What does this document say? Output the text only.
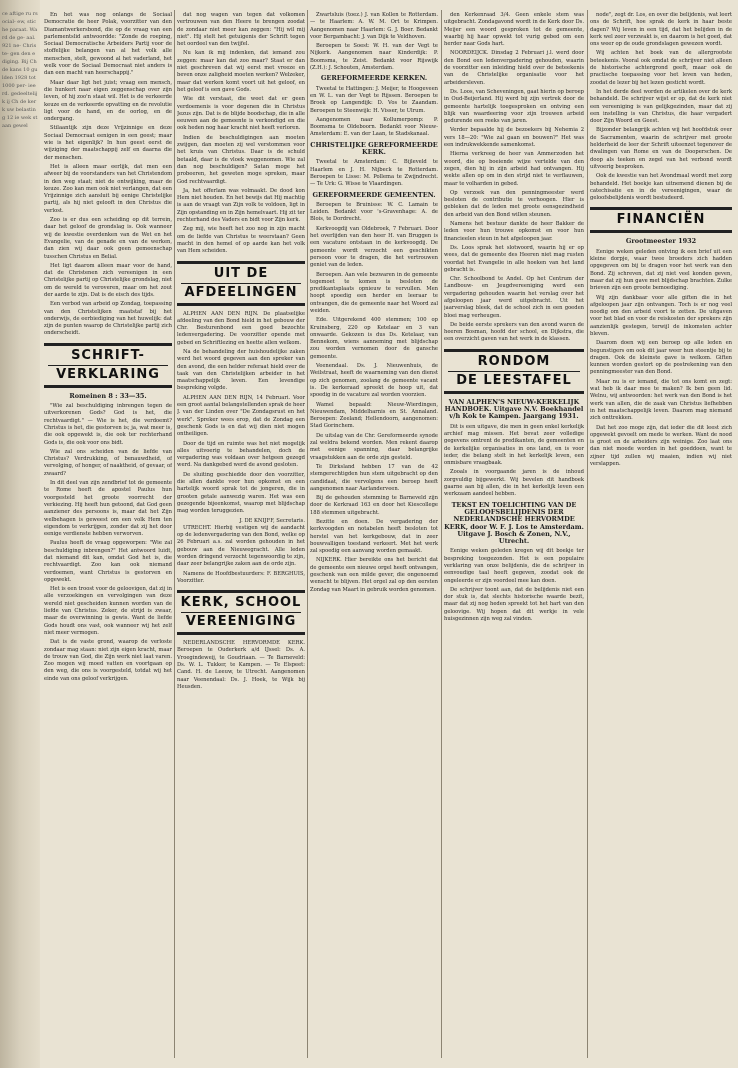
ce aftige ru rsocial- ew, stiche paraat. Ward de ge- aal. 921 ne- Christe- gen den ediging. Bij Ch de kans 10 gulden 1928 tot 1000 per- ieerd. gedeeltelijk ij Ch de kerk uw belasting 12 ie wek staan gewel

En het was nog onlangs de Sociaal Democratie de heer Polak, voorzitter van den Diamantwerkersbond, die op de vraag van een parlementslid antwoordde: "Zonde de roeping, Sociaal Democratische Arbeiders Partij voor de stoffelijke belangen van al het volk alle menschen, stelt, gewoond al het vaderland, het welk voor de Sociaal Democraat niet anders is dan een macht van heerschappij."

Maar daar ligt het juist; vraag een mensch, die hunkert naar eigen zeggenschap over zijn leven, of hij zoo'n staat wil. Het is de verkeerde keuze en de verkeerde opvatting en de revolutie ligt voor de hand, en de oorlog, en de ondergang.

Stilaantijk zijn deze Vrijzinnige en deze Sociaal Democraat eenigen in een geest; maar wie is het eigenlijk? In hun geest eerst de wijziging der maatschappij zelf en daarna die der menschen.

Het is alleen maar eerlijk, dat men een afweer bij de voorstanders van het Christendom in den weg staat; niet de ontwijking, maar de keuze. Zoo kan men ook niet verlangen, dat een Vrijzinnige zich aansluit bij eenige Christelijke partij, als hij niet gelooft in den Christus die verlost.

Zoo is er dus een scheiding op dit terrein, daar het geloof de grondslag is. Ook wanneer wij de kwestie overdenken van de Wet en het Evangelie, van de genade en van de werken, dan zien wij daar ook geen gemeenschap tusschen Christus en Belial.

Het ligt daarom alleen maar voor de hand, dat de Christenen zich vereenigen in een Christelijke partij op Christelijke grondslag, niet om de wereld te veroveren, maar om het zout der aarde te zijn. Dat is de eisch des tijds.

Een verbod van arbeid op Zondag, toepassing van den Christelijken maatstaf bij het onderwijs, de eerbiediging van het huwelijk: dat zijn de punten waarop de Christelijke partij zich onderscheidt.

SCHRIFT-
VERKLARING
Romeinen 8 : 33—35.

"Wie zal beschuldiging inbrengen tegen de uitverkorenen Gods? God is het, die rechtvaardigt." — Wie is het, die verdoemt? Christus is het, die gestorven is; ja, wat meer is, die ook opgewekt is, die ook ter rechterhand Gods is, die ook voor ons bidt.

Wie zal ons scheiden van de liefde van Christus? Verdrukking, of benauwdheid, of vervolging, of honger, of naaktheid, of gevaar, of zwaard?

In dit deel van zijn zendbrief tot de gemeente te Rome heeft de apostel Paulus hun voorgesteld het groote voorrecht der verkiezing. Hij heeft hun getoond, dat God geen aanziener des persoons is, maar dat het Zijn welbehagen is geweest om een volk Hem ten eigendom te verkrijgen, zonder dat zij het door eenige verdienste hebben verworven.

Paulus heeft de vraag opgeworpen: "Wie zal beschuldiging inbrengen?" Het antwoord luidt, dat niemand dit kan, omdat God het is, die rechtvaardigt. Zoo kan ook niemand verdoemen, want Christus is gestorven en opgewekt.

Het is een troost voor de geloovigen, dat zij in alle verzoekingen en vervolgingen van deze wereld niet gescheiden kunnen worden van de liefde van Christus. Zeker, de strijd is zwaar, maar de overwinning is gewis. Want de liefde Gods houdt ons vast, ook wanneer wij het zelf niet meer vermogen.

Dat is de vaste grond, waarop de verloste zondaar mag staan: niet zijn eigen kracht, maar de trouw van God, die Zijn werk niet laat varen. Zoo mogen wij moed vatten en voortgaan op den weg, die ons is voorgesteld, totdat wij het einde van ons geloof verkrijgen.

dat nog wagen van tegen dat volkomen vertrouwen van den Heere te brengen zoodat de zondaar niet meer kan zeggen: "Hij wil mij niet". Hij stelt het getuigenis der Schrift tegen het oordeel van den twijfel.

Nu kan ik mij indenken, dat iemand zou zeggen: maar kan dat zoo maar? Staat er dan niet geschreven dat wij eerst met vreeze en beven onze zaligheid moeten werken? Welzeker, maar dat werken komt voort uit het geloof, en het geloof is een gave Gods.

Wie dit verstaat, die weet dat er geen verdoemenis is voor degenen die in Christus Jezus zijn. Dat is de blijde boodschap, die in alle eeuwen aan de gemeente is verkondigd en die ook heden nog haar kracht niet heeft verloren.

Indien de beschuldigingen aan moeten zwijgen, dan moeten zij wel verstommen voor het kruis van Christus. Daar is de schuld betaald, daar is de vloek weggenomen. Wie zal dan nog beschuldigen? Satan moge het probeeren, het geweten moge spreken, maar God rechtvaardigt.

Ja, het offerlam was volmaakt. De dood kon Hem niet houden. En het bewijs dat Hij machtig is aan de vraagt van Zijn volk te voldoen, ligt in Zijn opstanding en in Zijn hemelvaart. Hij zit ter rechterhand des Vaders en bidt voor Zijn kerk.

Zeg mij, wie heeft het zoo nog in zijn macht om de liefde van Christus te weerstaan? Geen macht in den hemel of op aarde kan het volk van Hem scheiden.

UIT DE
AFDEELINGEN

ALPHEN AAN DEN RIJN. De plaatselijke afdeeling van den Bond hield in het gebouw der Chr. Besturenbond een goed bezochte ledenvergadering. De voorzitter opende met gebed en Schriftlezing en heette allen welkom.

Na de behandeling der huishoudelijke zaken werd het woord gegeven aan den spreker van den avond, die een helder referaat hield over de taak van den Christelijken arbeider in het maatschappelijk leven. Een levendige bespreking volgde.

ALPHEN AAN DEN RIJN, 14 Februari. Voor een groot aantal belangstellenden sprak de heer J. van der Linden over "De Zondagsrust en het werk". Spreker wees erop, dat de Zondag een geschenk Gods is en dat wij dien niet mogen ontheiligen.

Door de tijd en ruimte was het niet mogelijk alles uitvoerig te behandelen, doch de vergadering was voldaan over hetgeen gezegd werd. Na dankgebed werd de avond gesloten.

De sluiting geschiedde door den voorzitter, die allen dankte voor hun opkomst en een hartelijk woord sprak tot de jongeren, die in grooten getale aanwezig waren. Het was een gezegende bijeenkomst, waarop met blijdschap mag worden teruggezien.

J. DE KNIJFF, Secretaris.

UTRECHT. Hierbij vestigen wij de aandacht op de ledenvergadering van den Bond, welke op 26 Februari a.s. zal worden gehouden in het gebouw aan de Nieuwegracht. Alle leden worden dringend verzocht tegenwoordig te zijn, daar zeer belangrijke zaken aan de orde zijn.

Namens de Hoofdbestuurders: F. BERGHUIS, Voorzitter.

KERK, SCHOOL
VEREENIGING

NEDERLANDSCHE HERVORMDE KERK. Beroepen te Ouderkerk a/d IJssel: Ds. A. Vroegindeweij, te Goudriaan. — Te Barneveld: Ds. W. L. Tukker, te Kampen. — Te Elspeet: Cand. H. de Leeuw, te Utrecht. Aangenomen naar Veenendaal: Ds. J. Hoek, te Wijk bij Heusden.

Zwartsluis (toez.) J. van Kollen te Rotterdam. — te Haarlem: A. W. M. Ort te Krimpen. Aangenomen naar Haarlem: G. J. Boer. Bedankt voor Bergambacht: J. van Dijk te Veldhoven.

Beroepen te Soest: W. H. van der Vegt te Nijkerk. Aangenomen naar Kinderdijk: P. Boomsma, te Zeist. Bedankt voor Rijswijk (Z.H.): J. Schouten, Amsterdam.

GEREFORMEERDE KERKEN.

Tweetal te Hattingen: J. Meijer, te Hoogeveen en W. L. van der Vegt te Rijssen. Beroepen te Broek op Langendijk: D. Vos te Zaandam. Beroepen te Steenwijk: H. Visser, te Ulrum.

Aangenomen naar Kollumerpomp: P. Boomsma te Oldeboorn. Bedankt voor Nieuw-Amsterdam: E. van der Laan, te Stadskanaal.

CHRISTELIJKE GEREFORMEERDE KERK.

Tweetal te Amsterdam: C. Bijleveld te Haarlem en J. H. Nijbeck te Rotterdam. Beroepen te Lisse: M. Pollema te Zwijndrecht. — Te Urk: G. Wisse te Vlaardingen.

GEREFORMEERDE GEMEENTEN.

Beroepen te Bruinisse: W. C. Lamain te Leiden. Bedankt voor 's-Gravenhage: A. de Blois, te Dordrecht.

Kerkvoogdij van Oldebroek, 7 Februari. Door het overlijden van den heer H. van Bruggen is een vacature ontstaan in de kerkvoogdij. De gemeente wordt verzocht een geschikten persoon voor te dragen, die het vertrouwen geniet van de leden.

Beroepen. Aan vele bezwaren in de gemeente tegemoet te komen is besloten de predikantsplaats opnieuw te vervullen. Men hoopt spoedig een herder en leeraar te ontvangen, die de gemeente naar het Woord zal weiden.

Ede. Uitgerekend 400 stemmen; 100 op Kruinsberg, 220 op Ketelaar en 3 van onwaarde. Gekozen is dus Ds. Ketelaar, van Bennekom, wiens aanneming met blijdschap zou worden vernomen door de gansche gemeente.

Veenendaal. Ds. J. Nieuwenhuis, de Weilstraat, heeft de waarneming van den dienst op zich genomen, zoolang de gemeente vacant is. De kerkeraad spreekt de hoop uit, dat spoedig in de vacature zal worden voorzien.

Wamel bepaald: Nieuw-Wierdingen, Nieuwendam, Middelharnis en St. Annaland. Beroepen: Zeeland; Hellendoorn, aangenomen: Stad Gorinchem.

De uitslag van de Chr. Gereformeerde synode zal weldra bekend worden. Men rekent daarop met eenige spanning, daar belangrijke vraagstukken aan de orde zijn gesteld.

Te Dirksland hebben 17 van de 42 stemgerechtigden hun stem uitgebracht op den candidaat, die vervolgens een beroep heeft aangenomen naar Aarlanderveen.

Bij de gehouden stemming te Barneveld zijn door de Kerkraad 163 en door het Kiescollege 188 stemmen uitgebracht.

Bezitte en doen. De vergadering der kerkvoogden en notabelen heeft besloten tot herstel van het kerkgebouw, dat in zeer bouwvalligen toestand verkeert. Met het werk zal spoedig een aanvang worden gemaakt.

NIJKERK. Hier bereikte ons het bericht dat de gemeente een nieuwe orgel heeft ontvangen, geschenk van een milde gever, die ongenoemd wenscht te blijven. Het orgel zal op den eersten Zondag van Maart in gebruik worden genomen.

den Kerkenraad 3/4. Geen enkele stem was uitgebracht. Zondagavond wordt in de Kerk door Ds. Meijer een woord gesproken tot de gemeente, waarbij hij haar opwekt tot vurig gebed om een herder naar Gods hart.

NOORDEIJCK. Dinsdag 2 Februari j.l. werd door den Bond een ledenvergadering gehouden, waarin de voorzitter een inleiding hield over de beteekenis van de Christelijke organisatie voor het arbeidersleven.

Ds. Loos, van Scheveningen, gaat hierin op beroep in Oud-Beijerland. Hij werd bij zijn vertrek door de gemeente hartelijk toegesproken en ontving een blijk van waardeering voor zijn trouwen arbeid gedurende een reeks van jaren.

Verder bepaalde hij de bezoekers bij Nehemia 2 vers 18—20: "Wie zal gaan en bouwen?" Het was een indrukwekkende samenkomst.

Hierna verkreeg de heer van Ammerzoden het woord, die op boeiende wijze vertelde van den zegen, dien hij in zijn arbeid had ontvangen. Hij wekte allen op om in den strijd niet te verflauwen, maar te volharden in gebed.

Op verzoek van den penningmeester werd besloten de contributie te verhoogen. Hier is gebleken dat de leden met groote eensgezindheid den arbeid van den Bond willen steunen.

Namens het bestuur dankte de heer Bakker de leden voor hun trouwe opkomst en voor hun financieelen steun in het afgeloopen jaar.

Ds. Loos sprak het slotwoord, waarin hij er op wees, dat de gemeente des Heeren niet mag rusten voordat het Evangelie in alle hoeken van het land gebracht is.

Chr. Schoolbond te Andel. Op het Centrum der Landbouw- en Jeugdvereeniging werd een vergadering gehouden waarin het verslag over het afgeloopen jaar werd uitgebracht. Uit het jaarverslag bleek, dat de school zich in een goeden bloei mag verheugen.

De beide eerste sprekers van den avond waren de heeren Bosman, hoofd der school, en Dijkstra, die een overzicht gaven van het werk in de klassen.

RONDOM
DE LEESTAFEL
VAN ALPHEN'S NIEUW-KERKELIJK HANDBOEK. Uitgave N.V. Boekhandel v/h Kok te Kampen. Jaargang 1931.

Dit is een uitgave, die men in geen enkel kerkelijk archief mag missen. Het bevat zeer volledige gegevens omtrent de predikanten, de gemeenten en de kerkelijke organisaties in ons land, en is voor ieder, die belang stelt in het kerkelijk leven, een onmisbare vraagbaak.

Zooals in voorgaande jaren is de inhoud zorgvuldig bijgewerkt. Wij bevelen dit handboek gaarne aan bij allen, die in het kerkelijk leven een werkzaam aandeel hebben.

TEKST EN TOELICHTING VAN DE GELOOFSBELIJDENIS DER NEDERLANDSCHE HERVORMDE KERK, door W. F. J. Los te Amsterdam. Uitgave J. Bosch & Zonen, N.V., Utrecht.

Eenige weken geleden kregen wij dit boekje ter bespreking toegezonden. Het is een populaire verklaring van onze belijdenis, die de schrijver in eenvoudige taal heeft gegeven, zoodat ook de ongeleerde er zijn voordeel mee kan doen.

De schrijver toont aan, dat de belijdenis niet een dor stuk is, dat slechts historische waarde bezit, maar dat zij nog heden spreekt tot het hart van den geloovige. Wij hopen dat dit werkje in vele huisgezinnen zijn weg zal vinden.

node", zegt dr. Los, en over die belijdenis, wat leert ons de Schrift, hoe sprak de kerk in haar beste dagen? Wij leven in een tijd, dat het belijden in de kerk wel zeer verzwakt is, en daarom is het goed, dat ons weer op de oude grondslagen gewezen wordt.

Wij achten het boek van de allergrootste beteekenis. Vooral ook omdat de schrijver niet alleen de historische achtergrond geeft, maar ook de practische toepassing voor het leven van heden, zoodat de lezer bij het lezen gesticht wordt.

In het derde deel worden de artikelen over de kerk behandeld. De schrijver wijst er op, dat de kerk niet een vereeniging is van gelijkgezinden, maar dat zij een instelling is van Christus, die haar vergadert door Zijn Woord en Geest.

Bijzonder belangrijk achten wij het hoofdstuk over de Sacramenten, waarin de schrijver met groote helderheid de leer der Schrift uiteenzet tegenover de dwalingen van Rome en van de Dooperschen. De doop als teeken en zegel van het verbond wordt uitvoerig besproken.

Ook de kwestie van het Avondmaal wordt met zorg behandeld. Het boekje kan uitnemend dienen bij de catechisatie en in de vereenigingen, waar de geloofsbelijdenis wordt bestudeerd.

FINANCIËN
Grootmeester 1932

Eenige weken geleden ontving ik een brief uit een kleine dorpje, waar twee broeders zich hadden opgegeven om bij te dragen voor het werk van den Bond. Zij schreven, dat zij niet veel konden geven, maar dat zij hun gave met blijdschap brachten. Zulke brieven zijn een groote bemoediging.

Wij zijn dankbaar voor alle giften die in het afgeloopen jaar zijn ontvangen. Toch is er nog veel noodig om den arbeid voort te zetten. De uitgaven voor het blad en voor de reiskosten der sprekers zijn aanzienlijk gestegen, terwijl de inkomsten achter bleven.

Daarom doen wij een beroep op alle leden en begunstigers om ook dit jaar weer hun steentje bij te dragen. Ook de kleinste gave is welkom. Giften kunnen worden gestort op de postrekening van den penningmeester van den Bond.

Maar nu is er iemand, die tot ons komt en zegt: wat heb ik daar mee te maken? Ik ben geen lid. Welnu, wij antwoorden: het werk van den Bond is het werk van allen, die de zaak van Christus liefhebben in het maatschappelijk leven. Daarom mag niemand zich onttrekken.

Dat het zoo moge zijn, dat ieder die dit leest zich opgewekt gevoelt om mede te werken. Want de nood is groot en de arbeiders zijn weinige. Zoo laat ons dan niet moede worden in het goeddoen, want te zijner tijd zullen wij maaien, indien wij niet verslappen.
